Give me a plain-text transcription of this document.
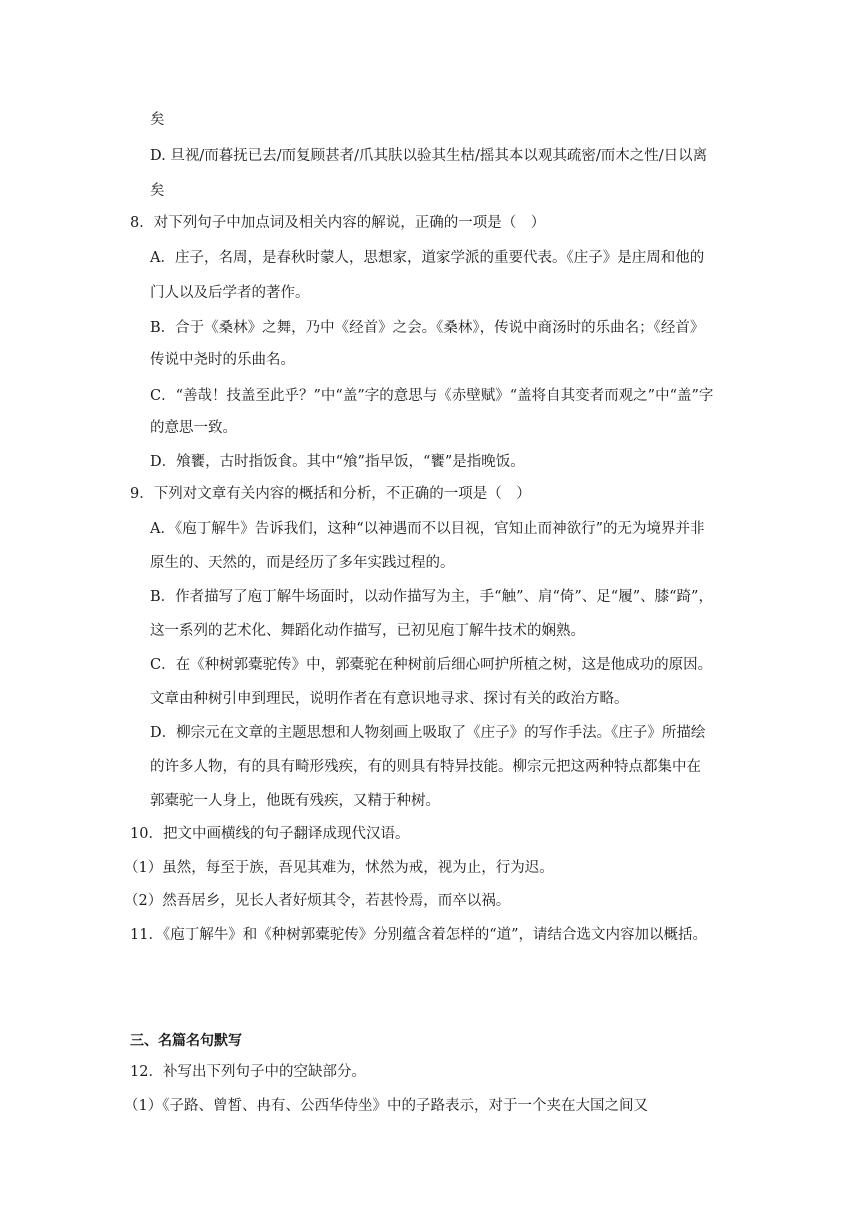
矣
D. 旦视/而暮抚已去/而复顾甚者/爪其肤以验其生枯/摇其本以观其疏密/而木之性/日以离
矣
8．对下列句子中加点词及相关内容的解说，正确的一项是（　）
A．庄子，名周，是春秋时蒙人，思想家，道家学派的重要代表。《庄子》是庄周和他的
门人以及后学者的著作。
B．合于《桑林》之舞，乃中《经首》之会。《桑林》，传说中商汤时的乐曲名；《经首》
传说中尧时的乐曲名。
C．“善哉！技盖至此乎？”中“盖”字的意思与《赤壁赋》“盖将自其变者而观之”中“盖”字
的意思一致。
D．飧饔，古时指饭食。其中“飧”指早饭，“饔”是指晚饭。
9．下列对文章有关内容的概括和分析，不正确的一项是（　）
A．《庖丁解牛》告诉我们，这种“以神遇而不以目视，官知止而神欲行”的无为境界并非
原生的、天然的，而是经历了多年实践过程的。
B．作者描写了庖丁解牛场面时，以动作描写为主，手“触”、肩“倚”、足“履”、膝“踦”，
这一系列的艺术化、舞蹈化动作描写，已初见庖丁解牛技术的娴熟。
C．在《种树郭橐驼传》中，郭橐驼在种树前后细心呵护所植之树，这是他成功的原因。
文章由种树引申到理民，说明作者在有意识地寻求、探讨有关的政治方略。
D．柳宗元在文章的主题思想和人物刻画上吸取了《庄子》的写作手法。《庄子》所描绘
的许多人物，有的具有畸形残疾，有的则具有特异技能。柳宗元把这两种特点都集中在
郭橐驼一人身上，他既有残疾，又精于种树。
10．把文中画横线的句子翻译成现代汉语。
（1）虽然，每至于族，吾见其难为，怵然为戒，视为止，行为迟。
（2）然吾居乡，见长人者好烦其令，若甚怜焉，而卒以祸。
11．《庖丁解牛》和《种树郭橐驼传》分别蕴含着怎样的“道”，请结合选文内容加以概括。
三、名篇名句默写
12．补写出下列句子中的空缺部分。
（1）《子路、曾皙、冉有、公西华侍坐》中的子路表示，对于一个夹在大国之间又
